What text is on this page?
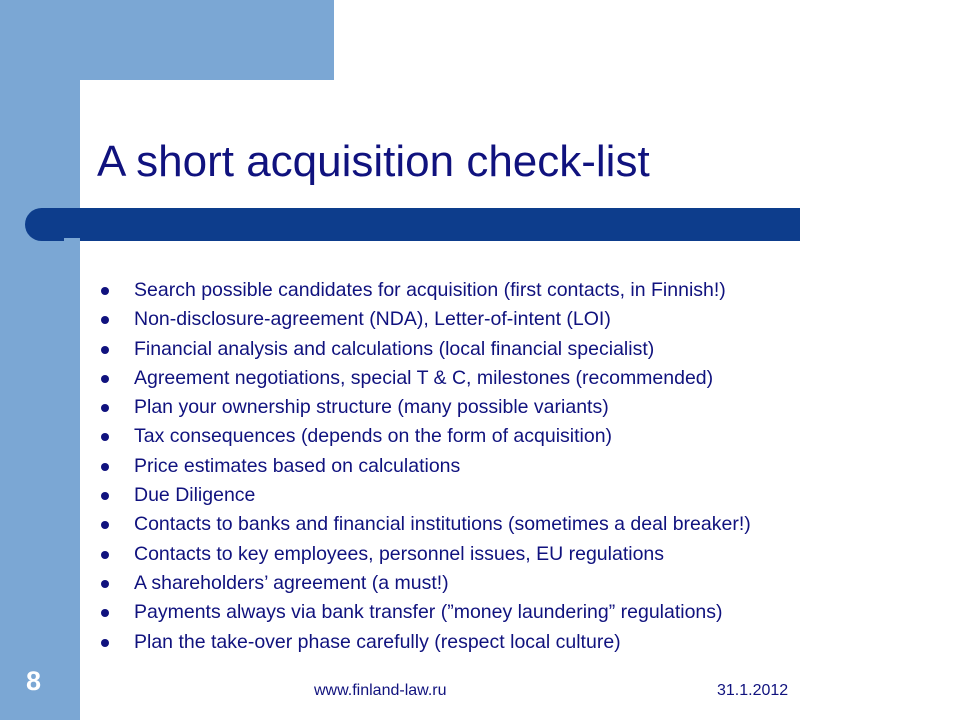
A short acquisition check-list
Search possible candidates for acquisition (first contacts, in Finnish!)
Non-disclosure-agreement (NDA), Letter-of-intent (LOI)
Financial analysis and calculations (local financial specialist)
Agreement negotiations, special T & C, milestones (recommended)
Plan your ownership structure (many possible variants)
Tax consequences (depends on the form of acquisition)
Price estimates based on calculations
Due Diligence
Contacts to banks and financial institutions (sometimes a deal breaker!)
Contacts to key employees, personnel issues, EU regulations
A shareholders’ agreement (a must!)
Payments always via bank transfer (”money laundering” regulations)
Plan the take-over phase carefully (respect local culture)
8	www.finland-law.ru	31.1.2012
